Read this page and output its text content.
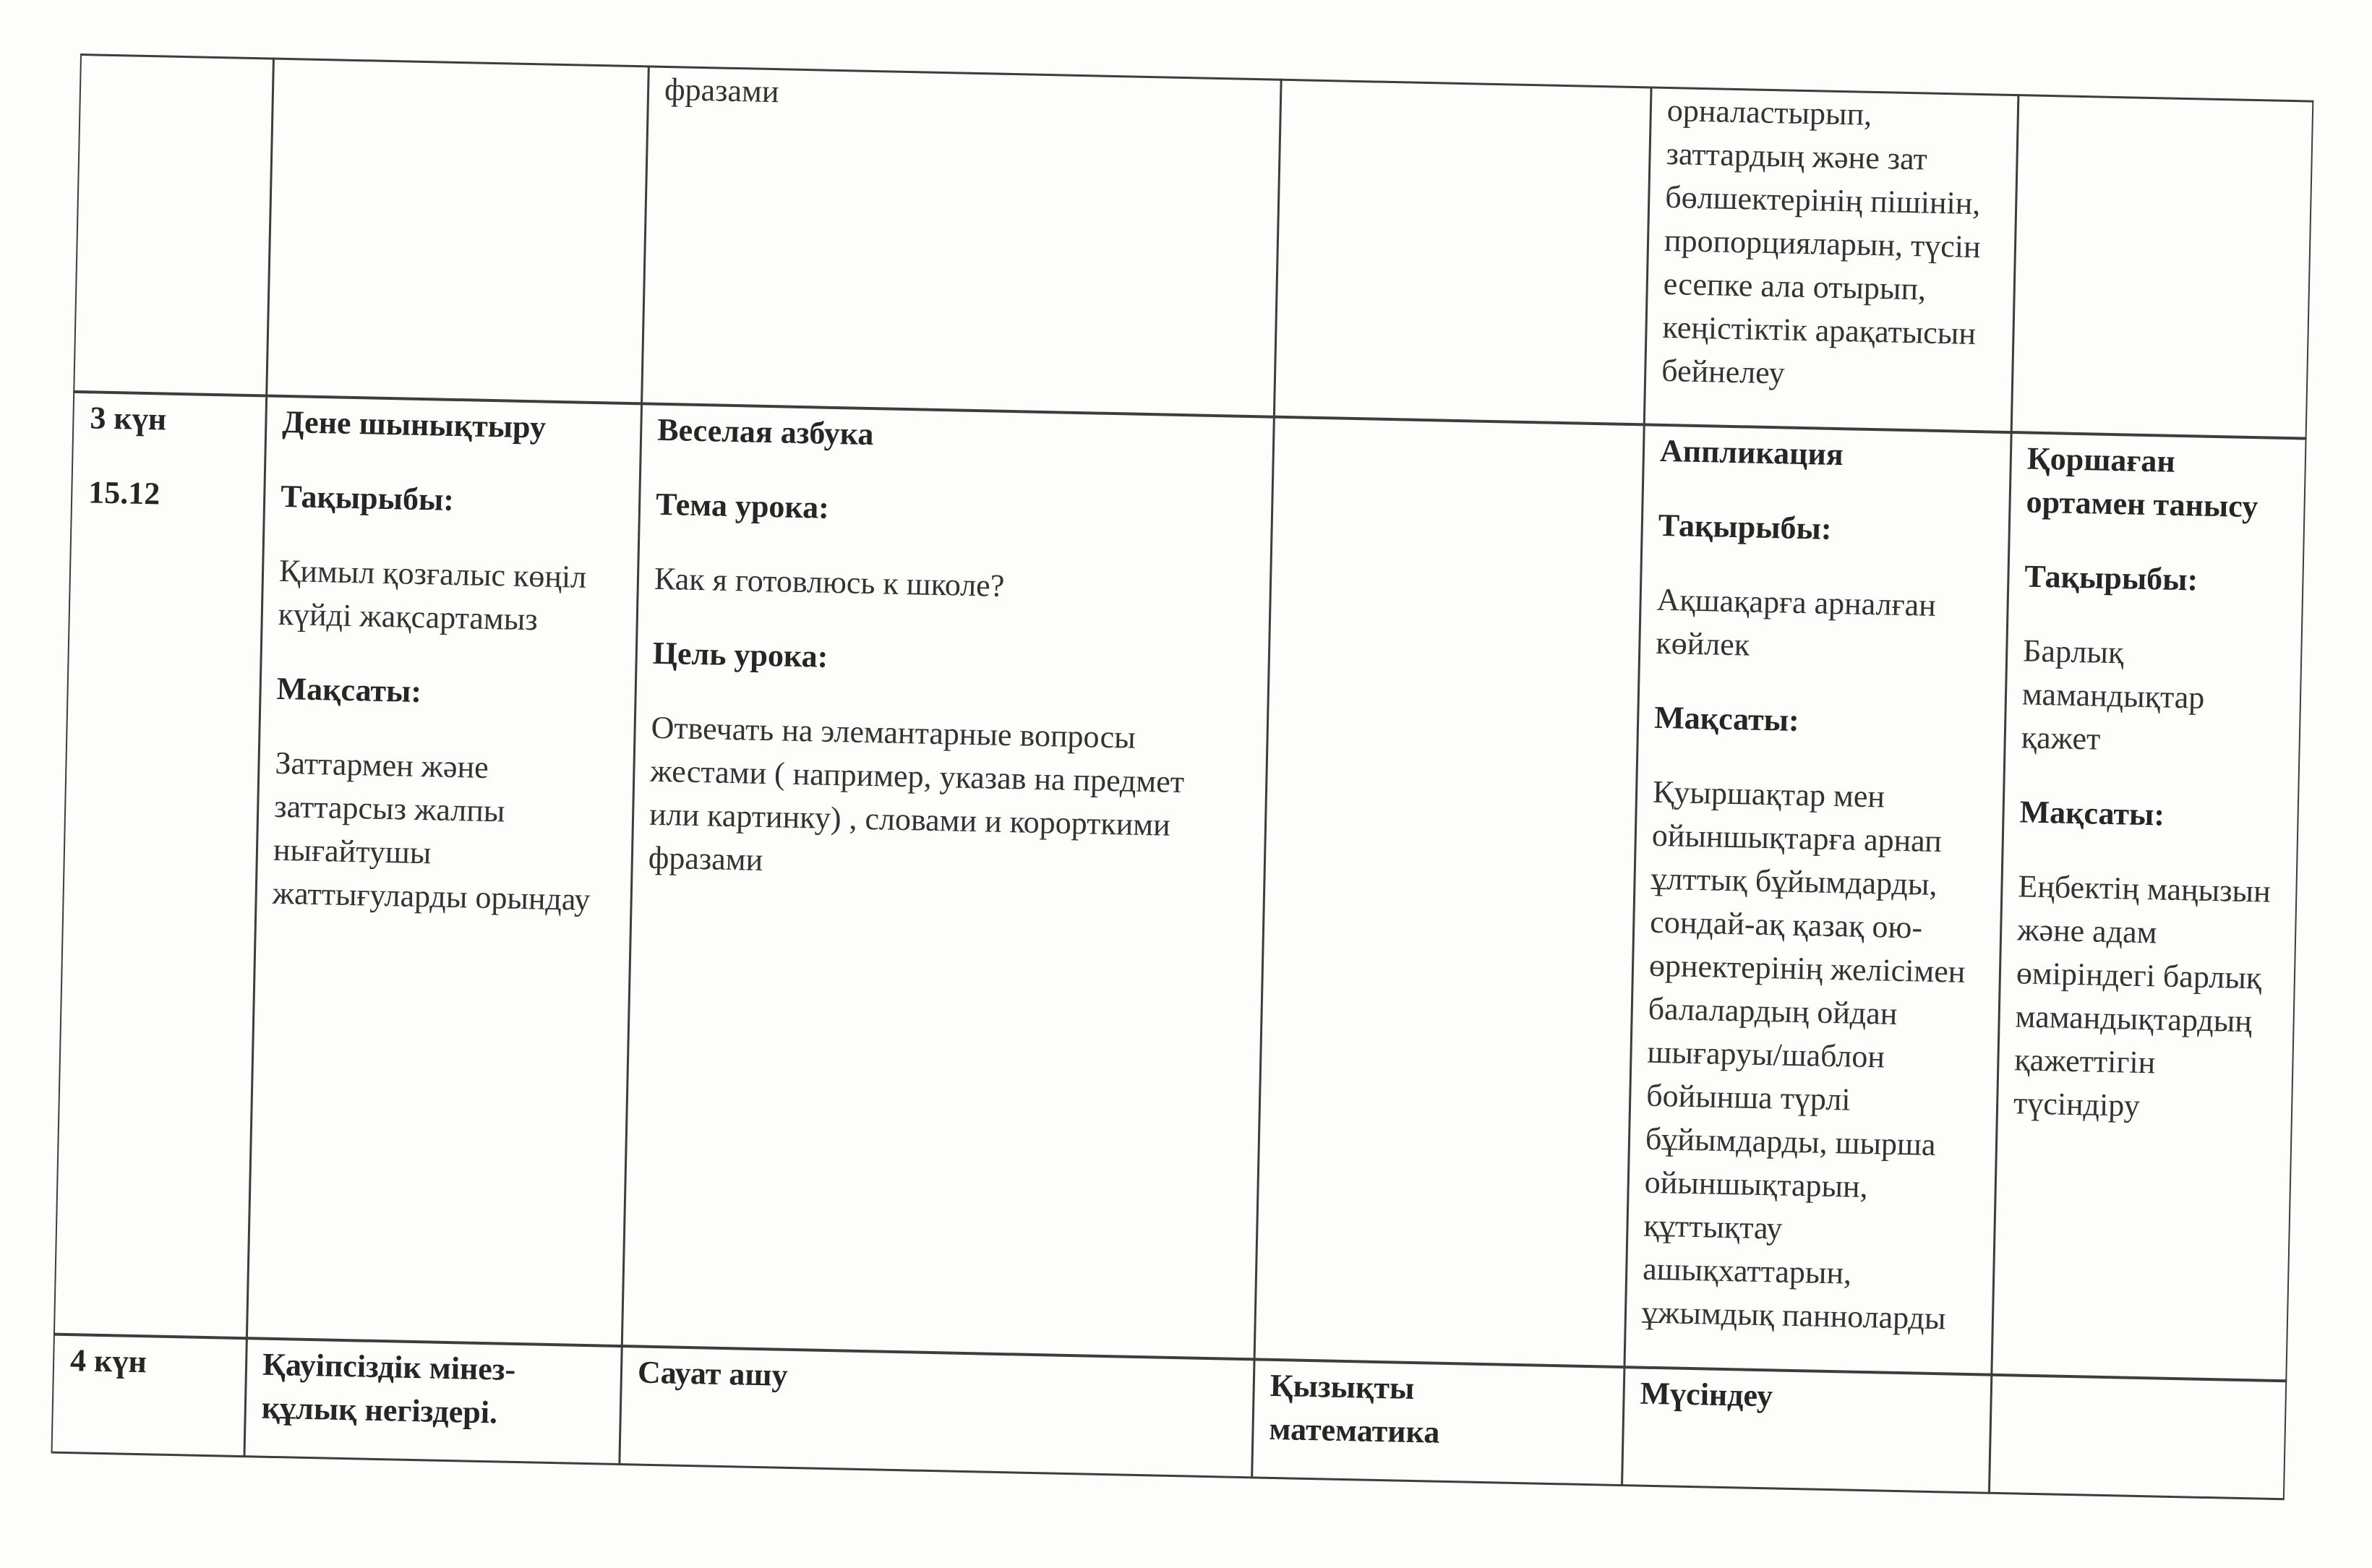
фразами
орналастырып,
заттардың және зат
бөлшектерінің пішінін,
пропорцияларын, түсін
есепке ала отырып,
кеңістіктік арақатысын
бейнелеу
3 күн
15.12
Дене шынықтыру
Тақырыбы:
Қимыл қозғалыс көңіл
күйді жақсартамыз
Мақсаты:
Заттармен және
заттарсыз жалпы
нығайтушы
жаттығуларды орындау
Веселая азбука
Тема урока:
Как я готовлюсь к школе?
Цель урока:
Отвечать на элемантарные вопросы
жестами ( например, указав на предмет
или картинку) , словами и корорткими
фразами
Аппликация
Тақырыбы:
Ақшақарға арналған
көйлек
Мақсаты:
Қуыршақтар мен
ойыншықтарға арнап
ұлттық бұйымдарды,
сондай-ақ қазақ ою-
өрнектерінің желісімен
балалардың ойдан
шығаруы/шаблон
бойынша түрлі
бұйымдарды, шырша
ойыншықтарын,
құттықтау
ашықхаттарын,
ұжымдық панноларды
Қоршаған
ортамен танысу
Тақырыбы:
Барлық
мамандықтар
қажет
Мақсаты:
Еңбектің маңызын
және адам
өміріндегі барлық
мамандықтардың
қажеттігін
түсіндіру
4 күн	Қауіпсіздік мінез-
құлық негіздері.
Сауат ашу	Қызықты
математика
Мүсіндеу
